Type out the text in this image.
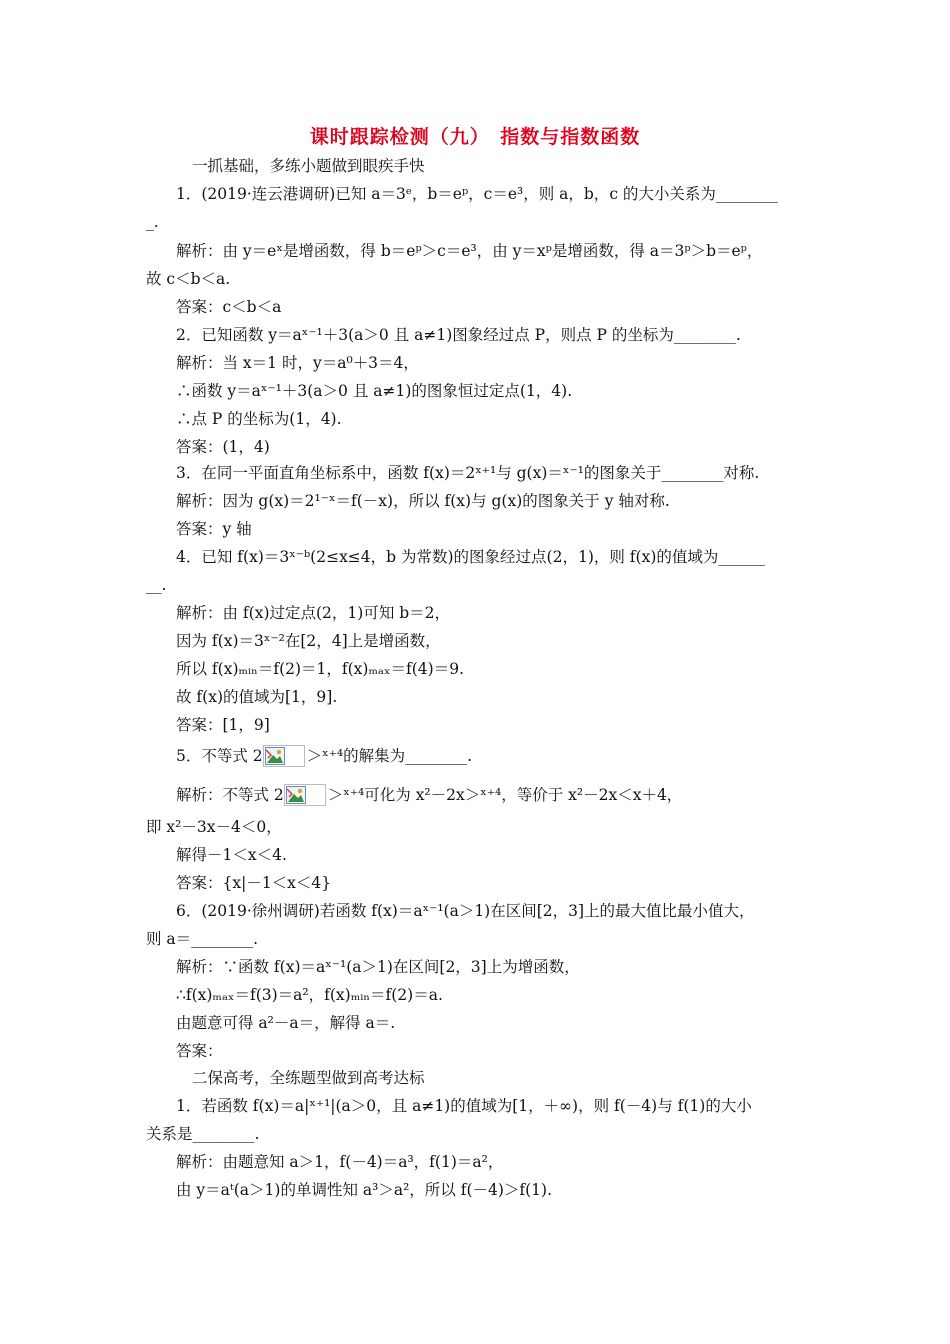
课时跟踪检测（九）　指数与指数函数
一抓基础，多练小题做到眼疾手快
1．(2019·连云港调研)已知 a＝3ᵉ，b＝eᵖ，c＝e³，则 a，b，c 的大小关系为________
_.
解析：由 y＝eˣ是增函数，得 b＝eᵖ＞c＝e³，由 y＝xᵖ是增函数，得 a＝3ᵖ＞b＝eᵖ，
故 c＜b＜a.
答案：c＜b＜a
2．已知函数 y＝aˣ⁻¹＋3(a＞0 且 a≠1)图象经过点 P，则点 P 的坐标为________.
解析：当 x＝1 时，y＝a⁰＋3＝4，
∴函数 y＝aˣ⁻¹＋3(a＞0 且 a≠1)的图象恒过定点(1，4).
∴点 P 的坐标为(1，4).
答案：(1，4)
3．在同一平面直角坐标系中，函数 f(x)＝2ˣ⁺¹与 g(x)＝ˣ⁻¹的图象关于________对称.
解析：因为 g(x)＝2¹⁻ˣ＝f(－x)，所以 f(x)与 g(x)的图象关于 y 轴对称.
答案：y 轴
4．已知 f(x)＝3ˣ⁻ᵇ(2≤x≤4，b 为常数)的图象经过点(2，1)，则 f(x)的值域为______
__.
解析：由 f(x)过定点(2，1)可知 b＝2，
因为 f(x)＝3ˣ⁻²在[2，4]上是增函数，
所以 f(x)ₘᵢₙ＝f(2)＝1，f(x)ₘₐₓ＝f(4)＝9.
故 f(x)的值域为[1，9].
答案：[1，9]
5．不等式 2	＞ˣ⁺⁴的解集为________.
解析：不等式 2	＞ˣ⁺⁴可化为 x²－2x＞ˣ⁺⁴，等价于 x²－2x＜x＋4，
即 x²－3x－4＜0，
解得－1＜x＜4.
答案：{x|－1＜x＜4}
6．(2019·徐州调研)若函数 f(x)＝aˣ⁻¹(a＞1)在区间[2，3]上的最大值比最小值大，
则 a＝________.
解析：∵函数 f(x)＝aˣ⁻¹(a＞1)在区间[2，3]上为增函数，
∴f(x)ₘₐₓ＝f(3)＝a²，f(x)ₘᵢₙ＝f(2)＝a.
由题意可得 a²－a＝，解得 a＝.
答案：
二保高考，全练题型做到高考达标
1．若函数 f(x)＝a|ˣ⁺¹|(a＞0，且 a≠1)的值域为[1，＋∞)，则 f(－4)与 f(1)的大小
关系是________.
解析：由题意知 a＞1，f(－4)＝a³，f(1)＝a²，
由 y＝aᵗ(a＞1)的单调性知 a³＞a²，所以 f(－4)＞f(1).
